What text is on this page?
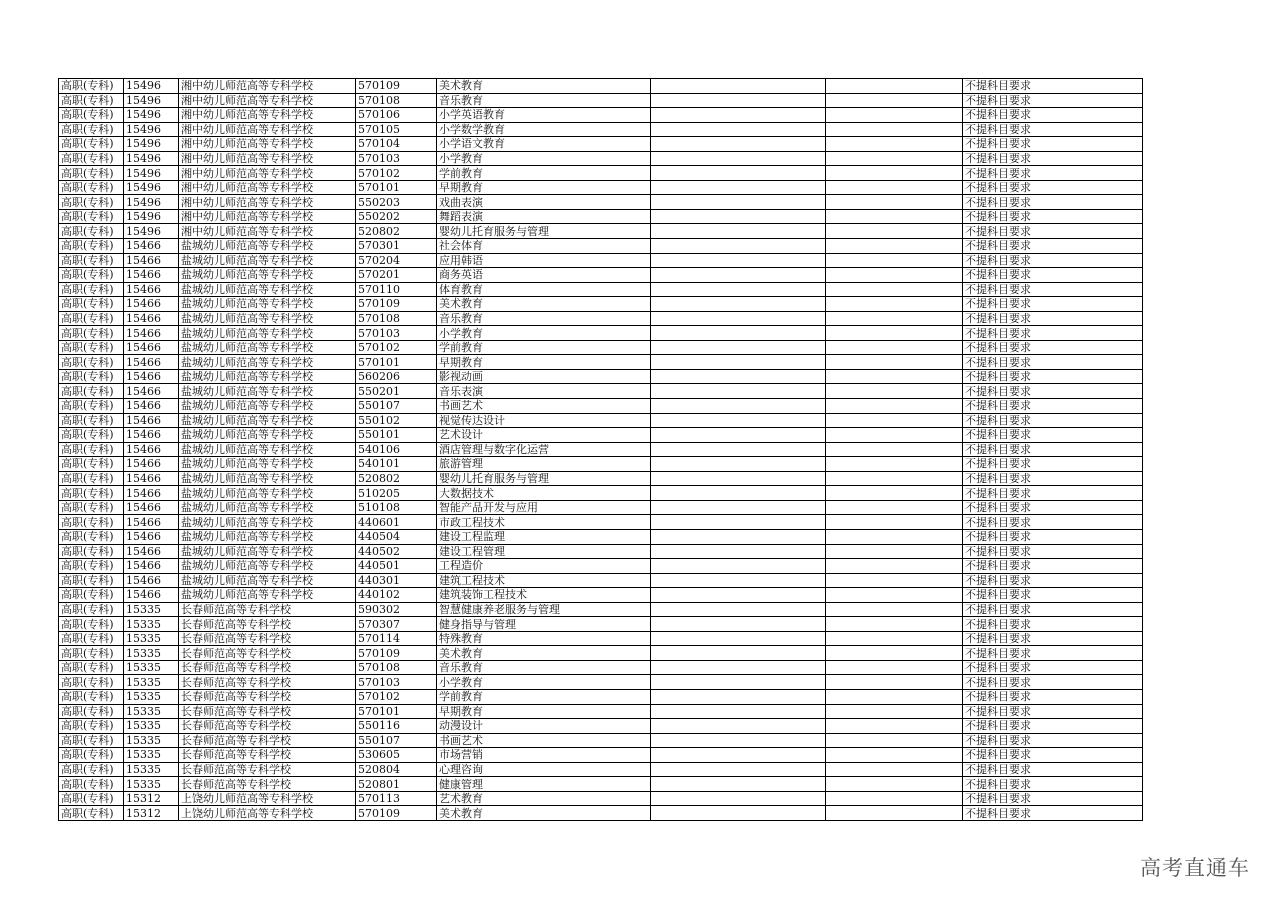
高职(专科)	15496	湘中幼儿师范高等专科学校	570109	美术教育			不提科目要求
高职(专科)	15496	湘中幼儿师范高等专科学校	570108	音乐教育			不提科目要求
高职(专科)	15496	湘中幼儿师范高等专科学校	570106	小学英语教育			不提科目要求
高职(专科)	15496	湘中幼儿师范高等专科学校	570105	小学数学教育			不提科目要求
高职(专科)	15496	湘中幼儿师范高等专科学校	570104	小学语文教育			不提科目要求
高职(专科)	15496	湘中幼儿师范高等专科学校	570103	小学教育			不提科目要求
高职(专科)	15496	湘中幼儿师范高等专科学校	570102	学前教育			不提科目要求
高职(专科)	15496	湘中幼儿师范高等专科学校	570101	早期教育			不提科目要求
高职(专科)	15496	湘中幼儿师范高等专科学校	550203	戏曲表演			不提科目要求
高职(专科)	15496	湘中幼儿师范高等专科学校	550202	舞蹈表演			不提科目要求
高职(专科)	15496	湘中幼儿师范高等专科学校	520802	婴幼儿托育服务与管理			不提科目要求
高职(专科)	15466	盐城幼儿师范高等专科学校	570301	社会体育			不提科目要求
高职(专科)	15466	盐城幼儿师范高等专科学校	570204	应用韩语			不提科目要求
高职(专科)	15466	盐城幼儿师范高等专科学校	570201	商务英语			不提科目要求
高职(专科)	15466	盐城幼儿师范高等专科学校	570110	体育教育			不提科目要求
高职(专科)	15466	盐城幼儿师范高等专科学校	570109	美术教育			不提科目要求
高职(专科)	15466	盐城幼儿师范高等专科学校	570108	音乐教育			不提科目要求
高职(专科)	15466	盐城幼儿师范高等专科学校	570103	小学教育			不提科目要求
高职(专科)	15466	盐城幼儿师范高等专科学校	570102	学前教育			不提科目要求
高职(专科)	15466	盐城幼儿师范高等专科学校	570101	早期教育			不提科目要求
高职(专科)	15466	盐城幼儿师范高等专科学校	560206	影视动画			不提科目要求
高职(专科)	15466	盐城幼儿师范高等专科学校	550201	音乐表演			不提科目要求
高职(专科)	15466	盐城幼儿师范高等专科学校	550107	书画艺术			不提科目要求
高职(专科)	15466	盐城幼儿师范高等专科学校	550102	视觉传达设计			不提科目要求
高职(专科)	15466	盐城幼儿师范高等专科学校	550101	艺术设计			不提科目要求
高职(专科)	15466	盐城幼儿师范高等专科学校	540106	酒店管理与数字化运营			不提科目要求
高职(专科)	15466	盐城幼儿师范高等专科学校	540101	旅游管理			不提科目要求
高职(专科)	15466	盐城幼儿师范高等专科学校	520802	婴幼儿托育服务与管理			不提科目要求
高职(专科)	15466	盐城幼儿师范高等专科学校	510205	大数据技术			不提科目要求
高职(专科)	15466	盐城幼儿师范高等专科学校	510108	智能产品开发与应用			不提科目要求
高职(专科)	15466	盐城幼儿师范高等专科学校	440601	市政工程技术			不提科目要求
高职(专科)	15466	盐城幼儿师范高等专科学校	440504	建设工程监理			不提科目要求
高职(专科)	15466	盐城幼儿师范高等专科学校	440502	建设工程管理			不提科目要求
高职(专科)	15466	盐城幼儿师范高等专科学校	440501	工程造价			不提科目要求
高职(专科)	15466	盐城幼儿师范高等专科学校	440301	建筑工程技术			不提科目要求
高职(专科)	15466	盐城幼儿师范高等专科学校	440102	建筑装饰工程技术			不提科目要求
高职(专科)	15335	长春师范高等专科学校	590302	智慧健康养老服务与管理			不提科目要求
高职(专科)	15335	长春师范高等专科学校	570307	健身指导与管理			不提科目要求
高职(专科)	15335	长春师范高等专科学校	570114	特殊教育			不提科目要求
高职(专科)	15335	长春师范高等专科学校	570109	美术教育			不提科目要求
高职(专科)	15335	长春师范高等专科学校	570108	音乐教育			不提科目要求
高职(专科)	15335	长春师范高等专科学校	570103	小学教育			不提科目要求
高职(专科)	15335	长春师范高等专科学校	570102	学前教育			不提科目要求
高职(专科)	15335	长春师范高等专科学校	570101	早期教育			不提科目要求
高职(专科)	15335	长春师范高等专科学校	550116	动漫设计			不提科目要求
高职(专科)	15335	长春师范高等专科学校	550107	书画艺术			不提科目要求
高职(专科)	15335	长春师范高等专科学校	530605	市场营销			不提科目要求
高职(专科)	15335	长春师范高等专科学校	520804	心理咨询			不提科目要求
高职(专科)	15335	长春师范高等专科学校	520801	健康管理			不提科目要求
高职(专科)	15312	上饶幼儿师范高等专科学校	570113	艺术教育			不提科目要求
高职(专科)	15312	上饶幼儿师范高等专科学校	570109	美术教育			不提科目要求
高考直通车
